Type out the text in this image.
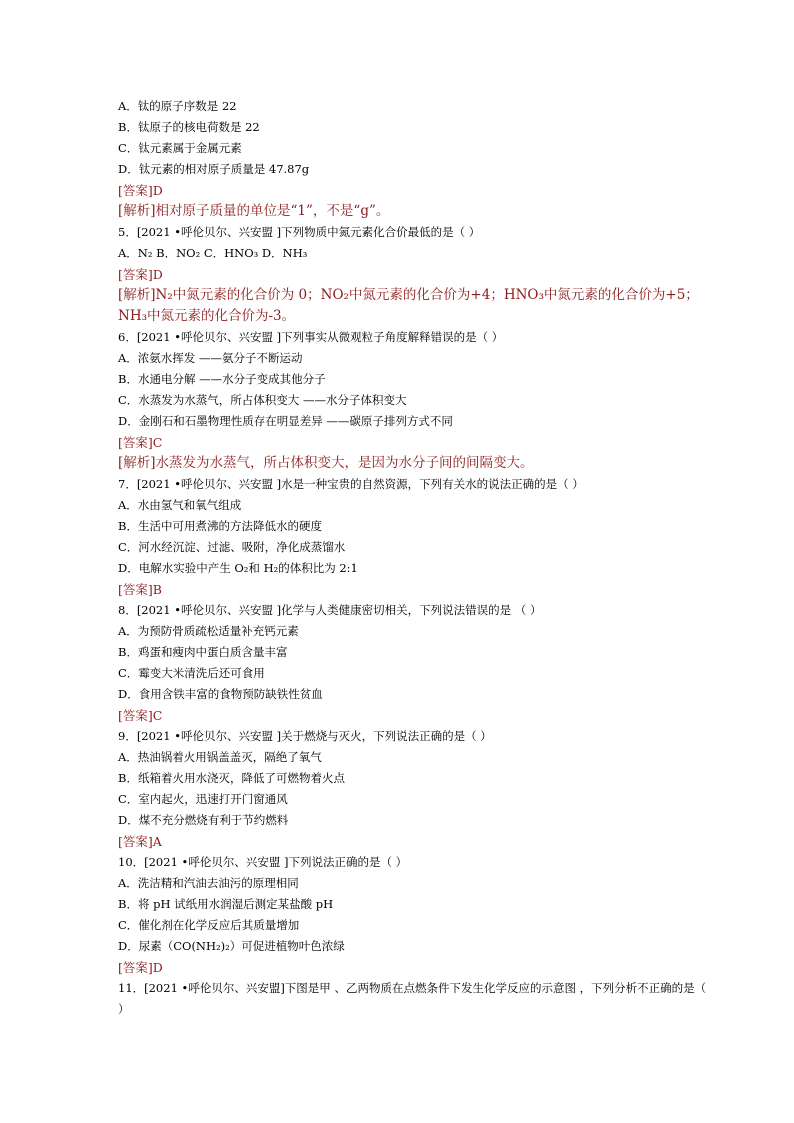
A．钛的原子序数是 22
B．钛原子的核电荷数是 22
C．钛元素属于金属元素
D．钛元素的相对原子质量是 47.87g
[答案]D
[解析]相对原子质量的单位是“1”，不是“g”。
5．[2021 •呼伦贝尔、兴安盟 ]下列物质中氮元素化合价最低的是（ ）
A．N₂ B．NO₂ C．HNO₃ D．NH₃
[答案]D
[解析]N₂中氮元素的化合价为 0；NO₂中氮元素的化合价为+4；HNO₃中氮元素的化合价为+5；NH₃中氮元素的化合价为-3。
6．[2021 •呼伦贝尔、兴安盟 ]下列事实从微观粒子角度解释错误的是（ ）
A．浓氨水挥发 ——氨分子不断运动
B．水通电分解 ——水分子变成其他分子
C．水蒸发为水蒸气，所占体积变大 ——水分子体积变大
D．金刚石和石墨物理性质存在明显差异 ——碳原子排列方式不同
[答案]C
[解析]水蒸发为水蒸气，所占体积变大，是因为水分子间的间隔变大。
7．[2021 •呼伦贝尔、兴安盟 ]水是一种宝贵的自然资源，下列有关水的说法正确的是（ ）
A．水由氢气和氧气组成
B．生活中可用煮沸的方法降低水的硬度
C．河水经沉淀、过滤、吸附，净化成蒸馏水
D．电解水实验中产生 O₂和 H₂的体积比为 2:1
[答案]B
8．[2021 •呼伦贝尔、兴安盟 ]化学与人类健康密切相关，下列说法错误的是 （ ）
A．为预防骨质疏松适量补充钙元素
B．鸡蛋和瘦肉中蛋白质含量丰富
C．霉变大米清洗后还可食用
D．食用含铁丰富的食物预防缺铁性贫血
[答案]C
9．[2021 •呼伦贝尔、兴安盟 ]关于燃烧与灭火，下列说法正确的是（ ）
A．热油锅着火用锅盖盖灭，隔绝了氧气
B．纸箱着火用水浇灭，降低了可燃物着火点
C．室内起火，迅速打开门窗通风
D．煤不充分燃烧有利于节约燃料
[答案]A
10．[2021 •呼伦贝尔、兴安盟 ]下列说法正确的是（ ）
A．洗洁精和汽油去油污的原理相同
B．将 pH 试纸用水润湿后测定某盐酸 pH
C．催化剂在化学反应后其质量增加
D．尿素（CO(NH₂)₂）可促进植物叶色浓绿
[答案]D
11．[2021 •呼伦贝尔、兴安盟]下图是甲 、乙两物质在点燃条件下发生化学反应的示意图 ，下列分析不正确的是（ ）
